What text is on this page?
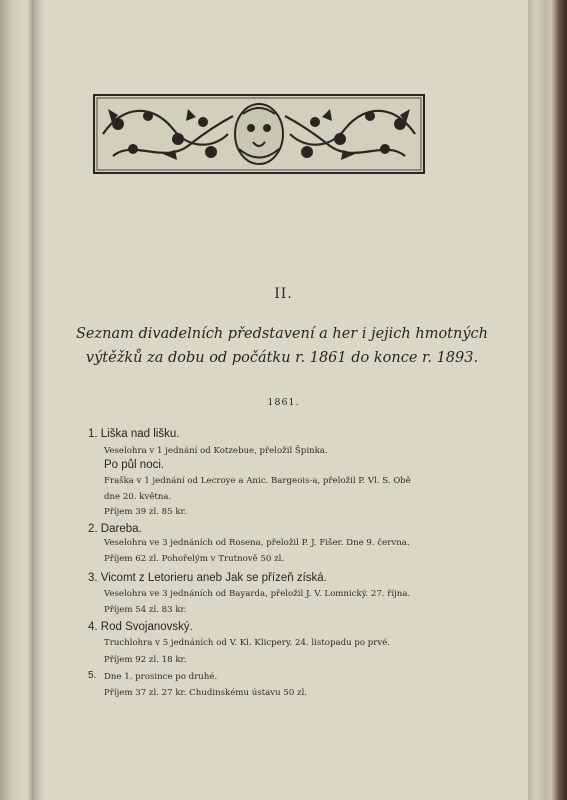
II.
Seznam divadelních představení a her i jejich hmotných
výtěžků za dobu od počátku r. 1861 do konce r. 1893.
1861.
1. Liška nad lišku.
Veselohra v 1 jednání od Kotzebue, přeložil Špinka.
Po půl noci.
Fraška v 1 jednání od Lecroye a Anic. Bargeois-a, přeložil P. Vl. S. Obě
dne 20. května.
Příjem 39 zl. 85 kr.
2. Dareba.
Veselohra ve 3 jednáních od Rosena, přeložil P. J. Fišer. Dne 9. června.
Příjem 62 zl. Pohořelým v Trutnově 50 zl.
3. Vicomt z Letorieru aneb Jak se přízeň získá.
Veselohra ve 3 jednáních od Bayarda, přeložil J. V. Lomnický. 27. října.
Příjem 54 zl. 83 kr.
4. Rod Svojanovský.
Truchlohra v 5 jednáních od V. Kl. Klicpery. 24. listopadu po prvé.
Příjem 92 zl. 18 kr.
5. Dne 1. prosince po druhé.
Příjem 37 zl. 27 kr. Chudinskému ústavu 50 zl.
